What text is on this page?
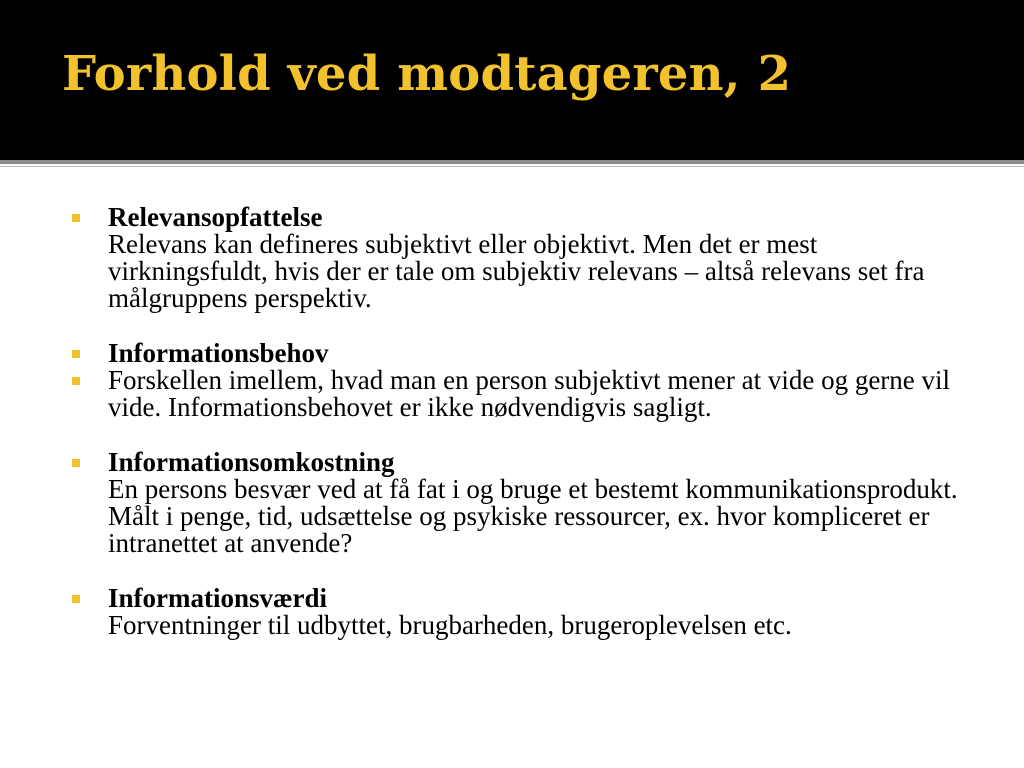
Forhold ved modtageren, 2
Relevansopfattelse
Relevans kan defineres subjektivt eller objektivt. Men det er mest virkningsfuldt, hvis der er tale om subjektiv relevans – altså relevans set fra målgruppens perspektiv.
Informationsbehov
Forskellen imellem, hvad man en person subjektivt mener at vide og gerne vil vide. Informationsbehovet er ikke nødvendigvis sagligt.
Informationsomkostning
En persons besvær ved at få fat i og bruge et bestemt kommunikationsprodukt. Målt i penge, tid, udsættelse og psykiske ressourcer, ex. hvor kompliceret er intranettet at anvende?
Informationsværdi
Forventninger til udbyttet, brugbarheden, brugeroplevelsen etc.
